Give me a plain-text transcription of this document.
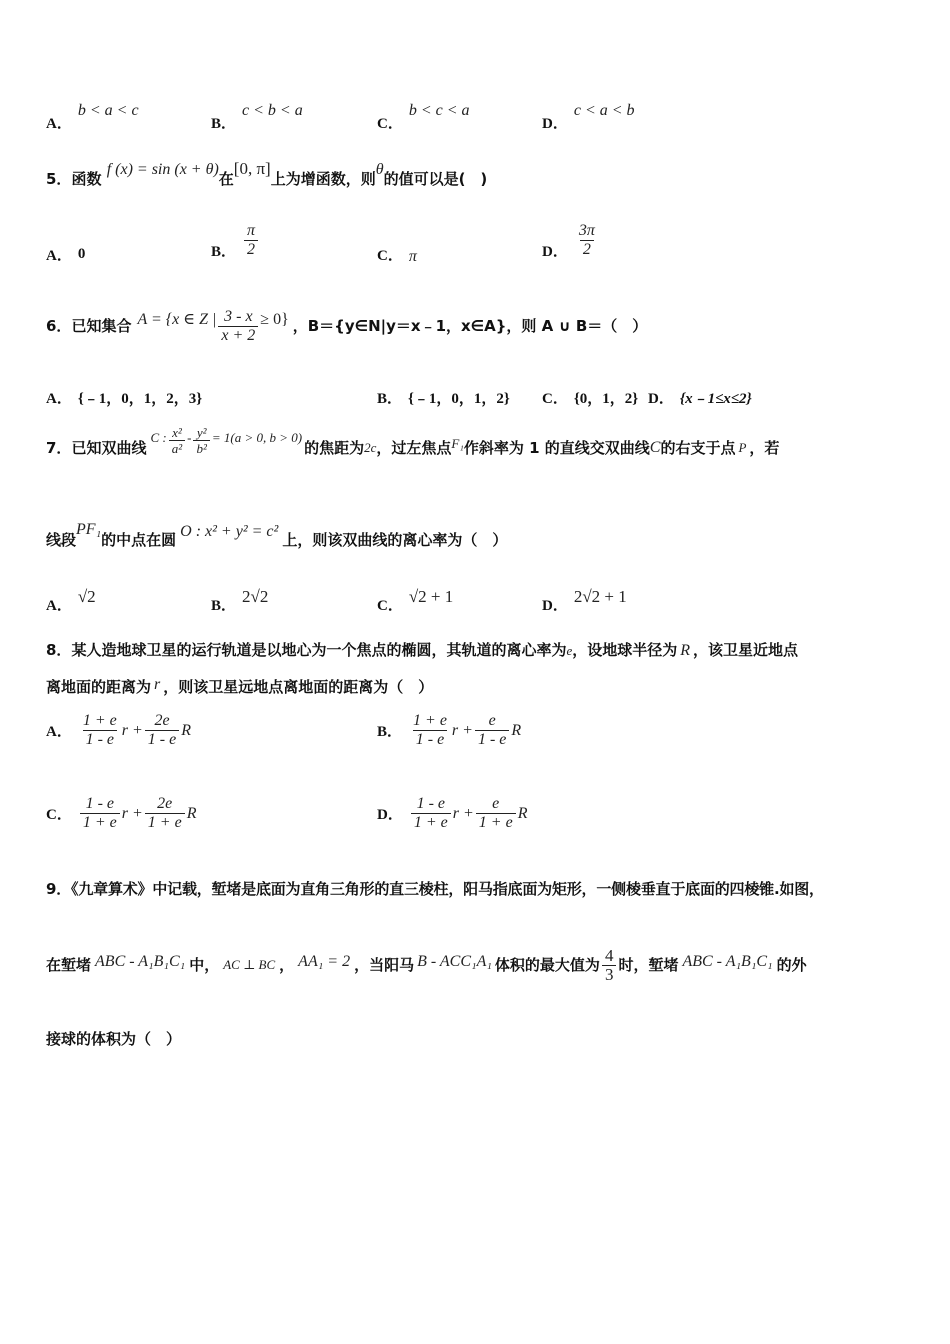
A．
b < a < c
B．
c < b < a
C．
b < c < a
D．
c < a < b
5．函数 f (x) = sin (x + θ)在[0, π]上为增函数，则θ的值可以是(　)
A． 0	B． $\frac{\pi}{2}$	C． π	D． $\frac{3\pi}{2}$
6． 已知集合 A = {x ∈ Z | $\frac{3 - x}{x + 2} \ge 0$} ，B＝{y∈N|y＝x﹣1，x∈A}，则 A ∪ B＝（　）
A． {﹣1，0，1，2，3}	B． {﹣1，0，1，2} C． {0，1，2} D． {x﹣1≤x≤2}
7． 已知双曲线
C : $\frac{\text{x²}}{\text{a²}} - \frac{\text{y²}}{\text{b²}} = 1(a > 0$, b > 0)
的焦距为 2c ，过左焦点 F₁ 作斜率为 1 的直线交双曲线 C 的右支于点 P ，若
线段
PF₁
的中点在圆 O : x² + y² = c² 上，则该双曲线的离心率为（　）
A．
√2
B．
2√2
C．
√2 + 1
D．
2√2 + 1
8．某人造地球卫星的运行轨道是以地心为一个焦点的椭圆，其轨道的离心率为e，设地球半径为 R ，该卫星近地点
离地面的距离为 r ，则该卫星远地点离地面的距离为（　）
A． $\frac{1 + e}{1 - e}$ $r + \frac{2e}{1 - e}$ R	B． $\frac{1 + e}{1 - e}$ $r + \frac{e}{1 - e}$ R
C． $\frac{1 - e}{1 + e}$ $r + \frac{2e}{1 + e}$ R	D． $\frac{1 - e}{1 + e}$ $r + \frac{e}{1 + e}$ R
9．《九章算术》中记载，堑堵是底面为直角三角形的直三棱柱，阳马指底面为矩形，一侧棱垂直于底面的四棱锥.如图，
在堑堵 ABC - A₁B₁C₁ 中， AC ⊥ BC ， AA₁ = 2 ，当阳马 B - ACC₁A₁ 体积的最大值为 $\frac{4}{3}$ 时，堑堵 ABC - A₁B₁C₁ 的外
接球的体积为（　）
